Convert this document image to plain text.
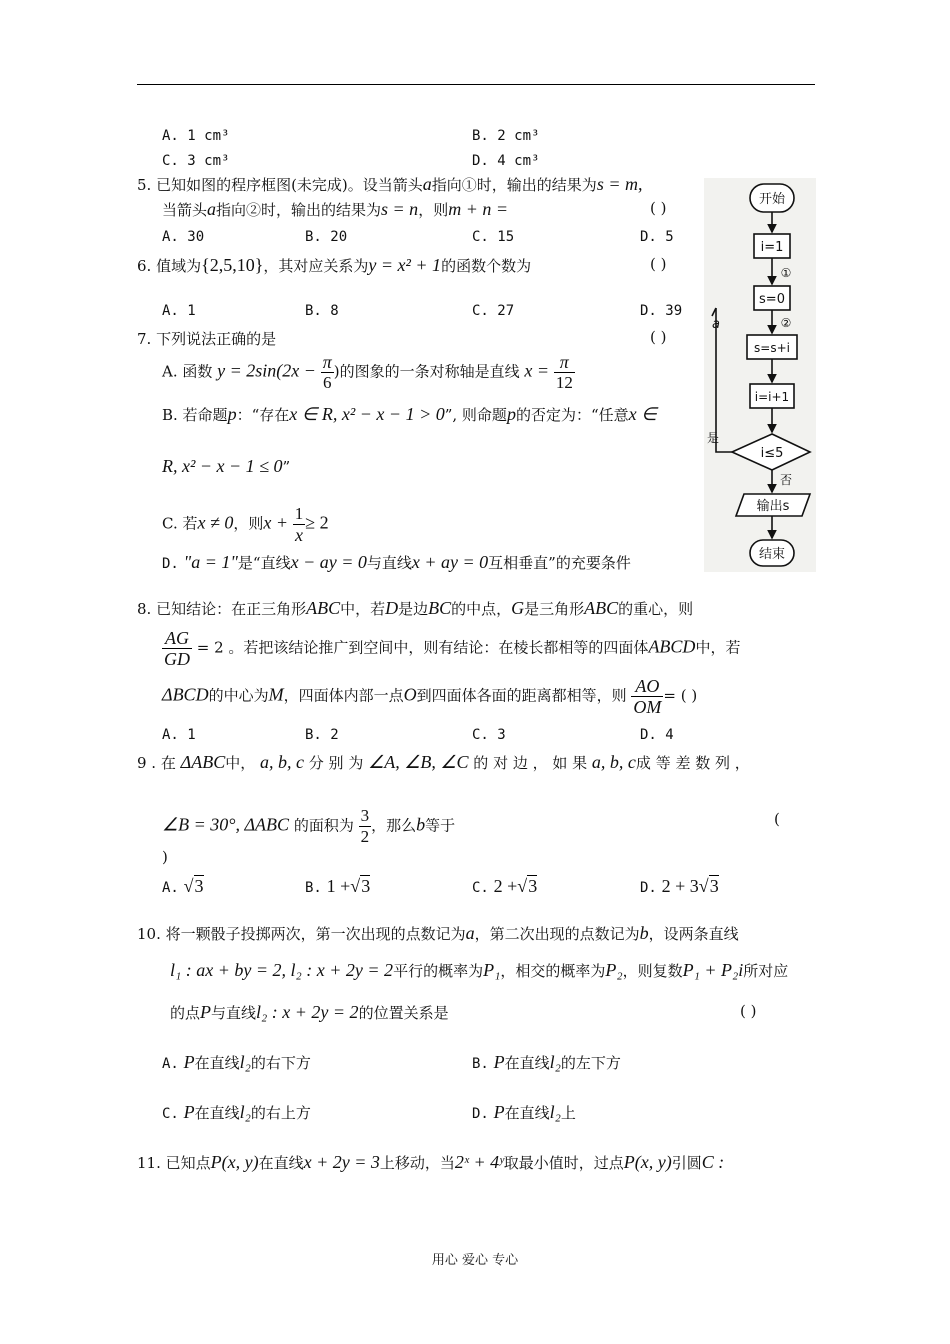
A. 1 cm³	B. 2 cm³
C. 3 cm³	D. 4 cm³
5. 已知如图的程序框图(未完成)。设当箭头a指向①时，输出的结果为s = m,
当箭头a指向②时，输出的结果为s = n，则m + n =	( )
A. 30	B. 20	C. 15	D. 5
6. 值域为{2,5,10}，其对应关系为y = x² + 1的函数个数为	( )
A. 1	B. 8	C. 27	D. 39
7. 下列说法正确的是	( )
A. 函数 $y = 2\sin(2x - \frac{\pi}{6}$ )的图象的一条对称轴是直线 $x = \frac{\pi}{12}$
B. 若命题p：“存在x ∈ R, x² − x − 1 > 0”, 则命题p的否定为：“任意x ∈
R, x² − x − 1 ≤ 0”
C. 若x ≠ 0，则$x + \frac{1}{x} \ge 2$
D. "a = 1"是“直线x − ay = 0与直线x + ay = 0互相垂直”的充要条件
开始
i=1
①
s=0
②
s=s+i
i=i+1
i≤5
是
否
a
输出s
结束
8. 已知结论：在正三角形ABC中，若D是边BC的中点，G是三角形ABC的重心，则
$\frac{AG}{GD} = 2$ 。若把该结论推广到空间中，则有结论：在棱长都相等的四面体ABCD中，若
ΔBCD的中心为M，四面体内部一点O到四面体各面的距离都相等，则 $\frac{AO}{OM}$ = ( )
A. 1	B. 2	C. 3	D. 4
9 . 在 ΔABC中， a, b, c 分 别 为 ∠A, ∠B, ∠C 的 对 边 ， 如 果 a, b, c成 等 差 数 列 ，
∠B = 30°, ΔABC 的面积为 $\frac{3}{2}$ ，那么b等于	(
)
A. √3	B. 1 +√3	C. 2 +√3	D. 2 + 3√3
10. 将一颗骰子投掷两次，第一次出现的点数记为a，第二次出现的点数记为b，设两条直线
l₁ : ax + by = 2, l₂ : x + 2y = 2平行的概率为P₁，相交的概率为P₂，则复数P₁ + P₂i所对应
的点P与直线l₂ : x + 2y = 2的位置关系是	( )
A. P在直线l₂的右下方	B. P在直线l₂的左下方
C. P在直线l₂的右上方	D. P在直线l₂上
11. 已知点P(x, y)在直线x + 2y = 3上移动，当2ˣ + 4ʸ取最小值时，过点P(x, y)引圆C :
用心 爱心 专心
